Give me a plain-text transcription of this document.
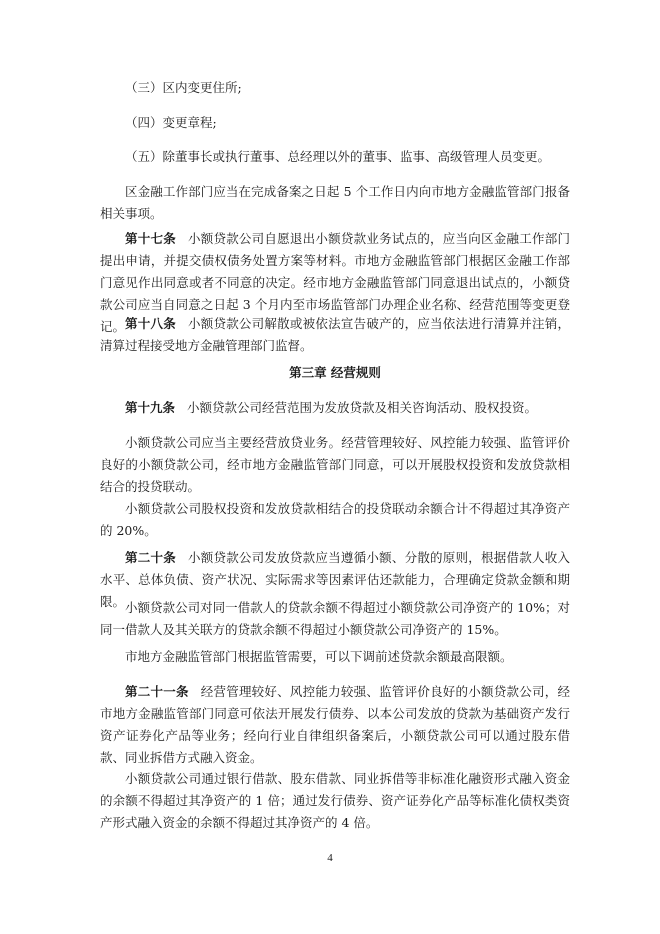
（三）区内变更住所;

（四）变更章程;

（五）除董事长或执行董事、总经理以外的董事、监事、高级管理人员变更。

区金融工作部门应当在完成备案之日起 5 个工作日内向市地方金融监管部门报备相关事项。

第十七条 小额贷款公司自愿退出小额贷款业务试点的，应当向区金融工作部门提出申请，并提交债权债务处置方案等材料。市地方金融监管部门根据区金融工作部门意见作出同意或者不同意的决定。经市地方金融监管部门同意退出试点的，小额贷款公司应当自同意之日起 3 个月内至市场监管部门办理企业名称、经营范围等变更登记。 第十八条 小额贷款公司解散或被依法宣告破产的，应当依法进行清算并注销，清算过程接受地方金融管理部门监督。

第三章 经营规则

第十九条 小额贷款公司经营范围为发放贷款及相关咨询活动、股权投资。

小额贷款公司应当主要经营放贷业务。经营管理较好、风控能力较强、监管评价良好的小额贷款公司，经市地方金融监管部门同意，可以开展股权投资和发放贷款相结合的投贷联动。

小额贷款公司股权投资和发放贷款相结合的投贷联动余额合计不得超过其净资产的 20%。

第二十条 小额贷款公司发放贷款应当遵循小额、分散的原则，根据借款人收入水平、总体负债、资产状况、实际需求等因素评估还款能力，合理确定贷款金额和期限。 小额贷款公司对同一借款人的贷款余额不得超过小额贷款公司净资产的 10%；对同一借款人及其关联方的贷款余额不得超过小额贷款公司净资产的 15%。

市地方金融监管部门根据监管需要，可以下调前述贷款余额最高限额。

第二十一条 经营管理较好、风控能力较强、监管评价良好的小额贷款公司，经市地方金融监管部门同意可依法开展发行债券、以本公司发放的贷款为基础资产发行资产证券化产品等业务；经向行业自律组织备案后，小额贷款公司可以通过股东借款、同业拆借方式融入资金。

小额贷款公司通过银行借款、股东借款、同业拆借等非标准化融资形式融入资金的余额不得超过其净资产的 1 倍；通过发行债券、资产证券化产品等标准化债权类资产形式融入资金的余额不得超过其净资产的 4 倍。

4
